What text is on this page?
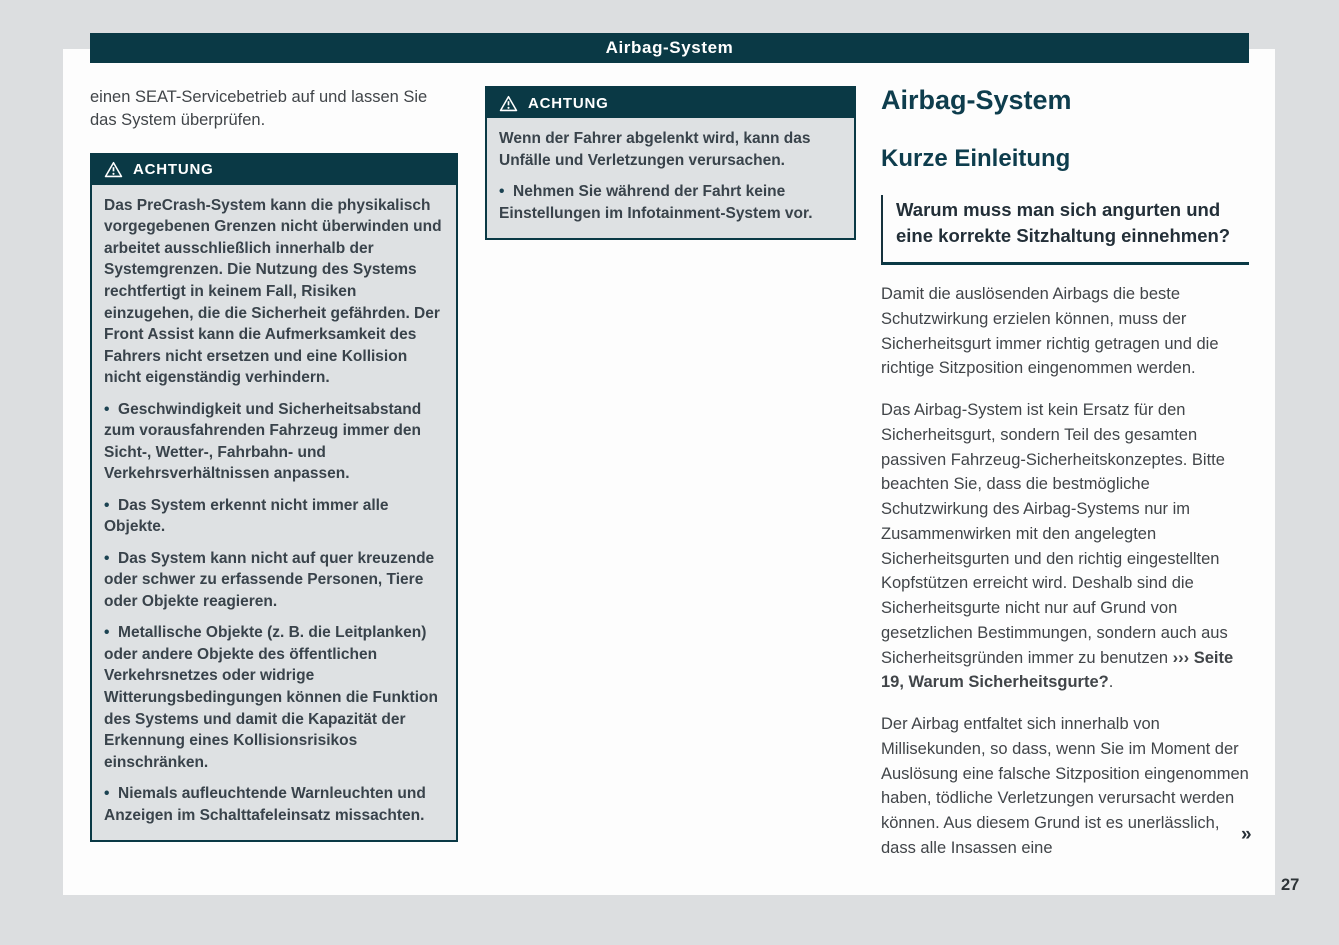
Airbag-System

einen SEAT-Servicebetrieb auf und lassen Sie das System überprüfen.

ACHTUNG

Das PreCrash-System kann die physikalisch vorgegebenen Grenzen nicht überwinden und arbeitet ausschließlich innerhalb der Systemgrenzen. Die Nutzung des Systems rechtfertigt in keinem Fall, Risiken einzugehen, die die Sicherheit gefährden. Der Front Assist kann die Aufmerksamkeit des Fahrers nicht ersetzen und eine Kollision nicht eigenständig verhindern.

•  Geschwindigkeit und Sicherheitsabstand zum vorausfahrenden Fahrzeug immer den Sicht-, Wetter-, Fahrbahn- und Verkehrsverhältnissen anpassen.

•  Das System erkennt nicht immer alle Objekte.

•  Das System kann nicht auf quer kreuzende oder schwer zu erfassende Personen, Tiere oder Objekte reagieren.

•  Metallische Objekte (z. B. die Leitplanken) oder andere Objekte des öffentlichen Verkehrsnetzes oder widrige Witterungsbedingungen können die Funktion des Systems und damit die Kapazität der Erkennung eines Kollisionsrisikos einschränken.

•  Niemals aufleuchtende Warnleuchten und Anzeigen im Schalttafeleinsatz missachten.

ACHTUNG

Wenn der Fahrer abgelenkt wird, kann das Unfälle und Verletzungen verursachen.

•  Nehmen Sie während der Fahrt keine Einstellungen im Infotainment-System vor.

Airbag-System
Kurze Einleitung

Warum muss man sich angurten und eine korrekte Sitzhaltung einnehmen?

Damit die auslösenden Airbags die beste Schutzwirkung erzielen können, muss der Sicherheitsgurt immer richtig getragen und die richtige Sitzposition eingenommen werden.

Das Airbag-System ist kein Ersatz für den Sicherheitsgurt, sondern Teil des gesamten passiven Fahrzeug-Sicherheitskonzeptes. Bitte beachten Sie, dass die bestmögliche Schutzwirkung des Airbag-Systems nur im Zusammenwirken mit den angelegten Sicherheitsgurten und den richtig eingestellten Kopfstützen erreicht wird. Deshalb sind die Sicherheitsgurte nicht nur auf Grund von gesetzlichen Bestimmungen, sondern auch aus Sicherheitsgründen immer zu benutzen ››› Seite 19, Warum Sicherheitsgurte?.

Der Airbag entfaltet sich innerhalb von Millisekunden, so dass, wenn Sie im Moment der Auslösung eine falsche Sitzposition eingenommen haben, tödliche Verletzungen verursacht werden können. Aus diesem Grund ist es unerlässlich, dass alle Insassen eine

»
27
